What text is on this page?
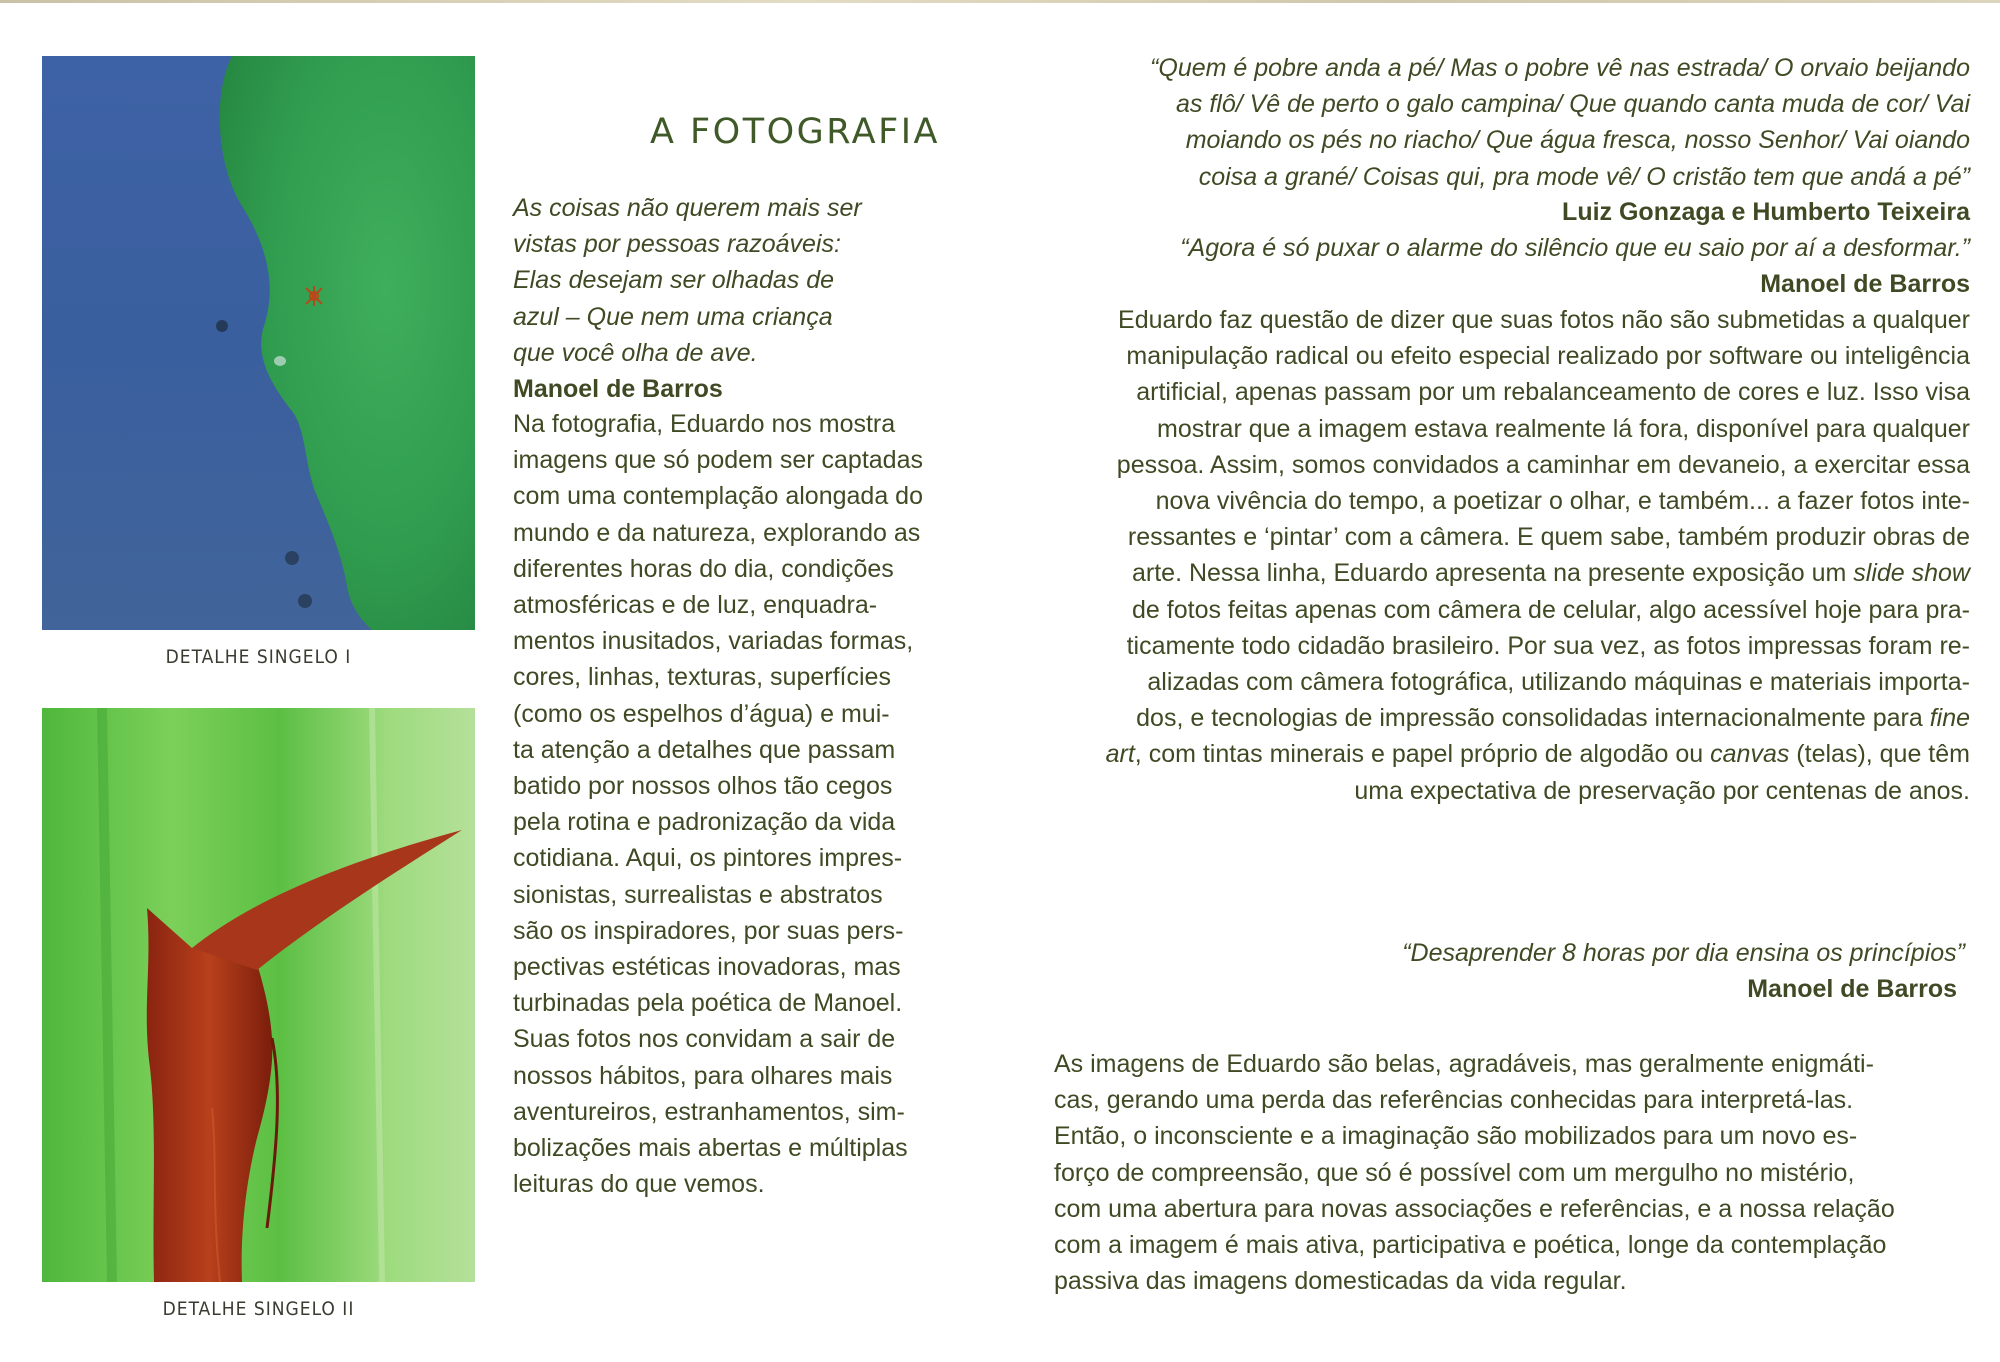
DETALHE SINGELO I
DETALHE SINGELO II
A FOTOGRAFIA
As coisas não querem mais ser
vistas por pessoas razoáveis:
Elas desejam ser olhadas de
azul – Que nem uma criança
que você olha de ave.
Manoel de Barros
Na fotografia, Eduardo nos mostra
imagens que só podem ser captadas
com uma contemplação alongada do
mundo e da natureza, explorando as
diferentes horas do dia, condições
atmosféricas e de luz, enquadra-
mentos inusitados, variadas formas,
cores, linhas, texturas, superfícies
(como os espelhos d’água) e mui-
ta atenção a detalhes que passam
batido por nossos olhos tão cegos
pela rotina e padronização da vida
cotidiana. Aqui, os pintores impres-
sionistas, surrealistas e abstratos
são os inspiradores, por suas pers-
pectivas estéticas inovadoras, mas
turbinadas pela poética de Manoel.
Suas fotos nos convidam a sair de
nossos hábitos, para olhares mais
aventureiros, estranhamentos, sim-
bolizações mais abertas e múltiplas
leituras do que vemos.
“Quem é pobre anda a pé/ Mas o pobre vê nas estrada/ O orvaio beijando
as flô/ Vê de perto o galo campina/ Que quando canta muda de cor/ Vai
moiando os pés no riacho/ Que água fresca, nosso Senhor/ Vai oiando
coisa a grané/ Coisas qui, pra mode vê/ O cristão tem que andá a pé”
Luiz Gonzaga e Humberto Teixeira
“Agora é só puxar o alarme do silêncio que eu saio por aí a desformar.”
Manoel de Barros
Eduardo faz questão de dizer que suas fotos não são submetidas a qualquer
manipulação radical ou efeito especial realizado por software ou inteligência
artificial, apenas passam por um rebalanceamento de cores e luz. Isso visa
mostrar que a imagem estava realmente lá fora, disponível para qualquer
pessoa. Assim, somos convidados a caminhar em devaneio, a exercitar essa
nova vivência do tempo, a poetizar o olhar, e também... a fazer fotos inte-
ressantes e ‘pintar’ com a câmera. E quem sabe, também produzir obras de
arte. Nessa linha, Eduardo apresenta na presente exposição um slide show
de fotos feitas apenas com câmera de celular, algo acessível hoje para pra-
ticamente todo cidadão brasileiro. Por sua vez, as fotos impressas foram re-
alizadas com câmera fotográfica, utilizando máquinas e materiais importa-
dos, e tecnologias de impressão consolidadas internacionalmente para fine
art, com tintas minerais e papel próprio de algodão ou canvas (telas), que têm
uma expectativa de preservação por centenas de anos.
“Desaprender 8 horas por dia ensina os princípios”
Manoel de Barros
As imagens de Eduardo são belas, agradáveis, mas geralmente enigmáti-
cas, gerando uma perda das referências conhecidas para interpretá-las.
Então, o inconsciente e a imaginação são mobilizados para um novo es-
forço de compreensão, que só é possível com um mergulho no mistério,
com uma abertura para novas associações e referências, e a nossa relação
com a imagem é mais ativa, participativa e poética, longe da contemplação
passiva das imagens domesticadas da vida regular.
